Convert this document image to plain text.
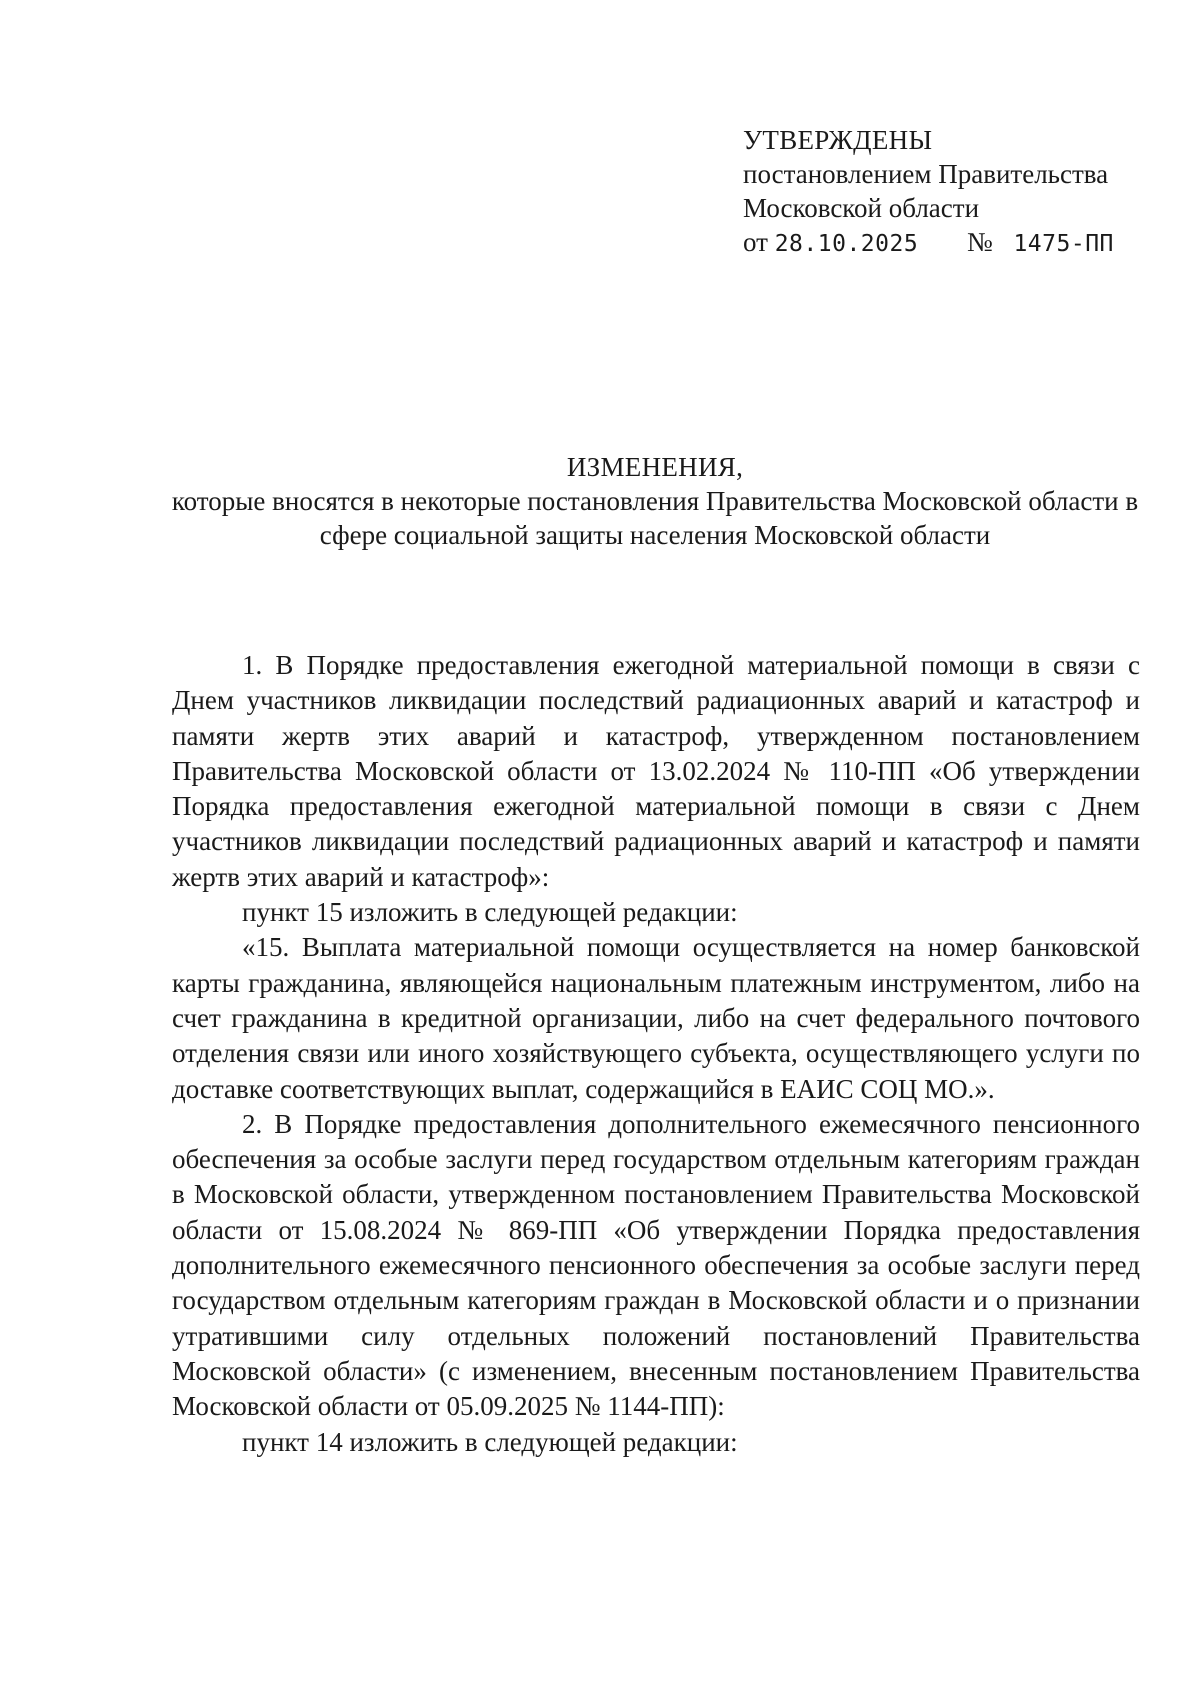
УТВЕРЖДЕНЫ
постановлением Правительства
Московской области
от 28.10.2025 № 1475-ПП
ИЗМЕНЕНИЯ,
которые вносятся в некоторые постановления Правительства Московской области в сфере социальной защиты населения Московской области

1. В Порядке предоставления ежегодной материальной помощи в связи с Днем участников ликвидации последствий радиационных аварий и катастроф и памяти жертв этих аварий и катастроф, утвержденном постановлением Правительства Московской области от 13.02.2024 № 110-ПП «Об утверждении Порядка предоставления ежегодной материальной помощи в связи с Днем участников ликвидации последствий радиационных аварий и катастроф и памяти жертв этих аварий и катастроф»:

пункт 15 изложить в следующей редакции:

«15. Выплата материальной помощи осуществляется на номер банковской карты гражданина, являющейся национальным платежным инструментом, либо на счет гражданина в кредитной организации, либо на счет федерального почтового отделения связи или иного хозяйствующего субъекта, осуществляющего услуги по доставке соответствующих выплат, содержащийся в ЕАИС СОЦ МО.».

2. В Порядке предоставления дополнительного ежемесячного пенсионного обеспечения за особые заслуги перед государством отдельным категориям граждан в Московской области, утвержденном постановлением Правительства Московской области от 15.08.2024 № 869-ПП «Об утверждении Порядка предоставления дополнительного ежемесячного пенсионного обеспечения за особые заслуги перед государством отдельным категориям граждан в Московской области и о признании утратившими силу отдельных положений постановлений Правительства Московской области» (с изменением, внесенным постановлением Правительства Московской области от 05.09.2025 № 1144-ПП):

пункт 14 изложить в следующей редакции:
